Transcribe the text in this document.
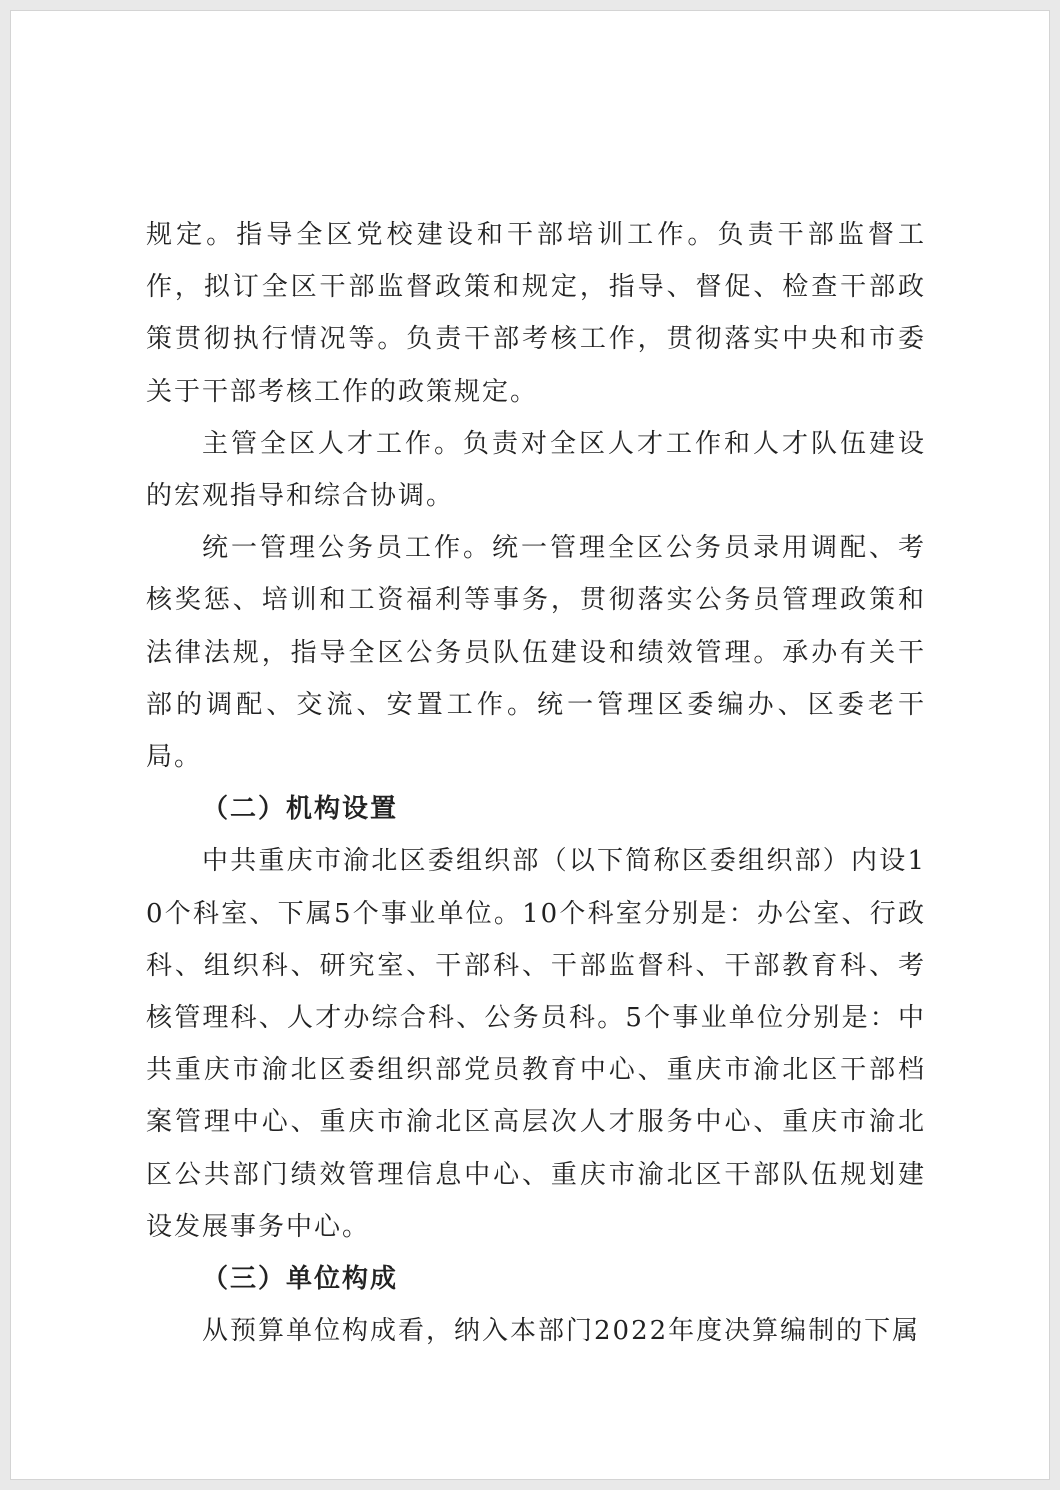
规定。指导全区党校建设和干部培训工作。负责干部监督工作，拟订全区干部监督政策和规定，指导、督促、检查干部政策贯彻执行情况等。负责干部考核工作，贯彻落实中央和市委关于干部考核工作的政策规定。

主管全区人才工作。负责对全区人才工作和人才队伍建设的宏观指导和综合协调。

统一管理公务员工作。统一管理全区公务员录用调配、考核奖惩、培训和工资福利等事务，贯彻落实公务员管理政策和法律法规，指导全区公务员队伍建设和绩效管理。承办有关干部的调配、交流、安置工作。统一管理区委编办、区委老干局。

（二）机构设置

中共重庆市渝北区委组织部（以下简称区委组织部）内设10个科室、下属5个事业单位。10个科室分别是：办公室、行政科、组织科、研究室、干部科、干部监督科、干部教育科、考核管理科、人才办综合科、公务员科。5个事业单位分别是：中共重庆市渝北区委组织部党员教育中心、重庆市渝北区干部档案管理中心、重庆市渝北区高层次人才服务中心、重庆市渝北区公共部门绩效管理信息中心、重庆市渝北区干部队伍规划建设发展事务中心。

（三）单位构成

从预算单位构成看，纳入本部门2022年度决算编制的下属
